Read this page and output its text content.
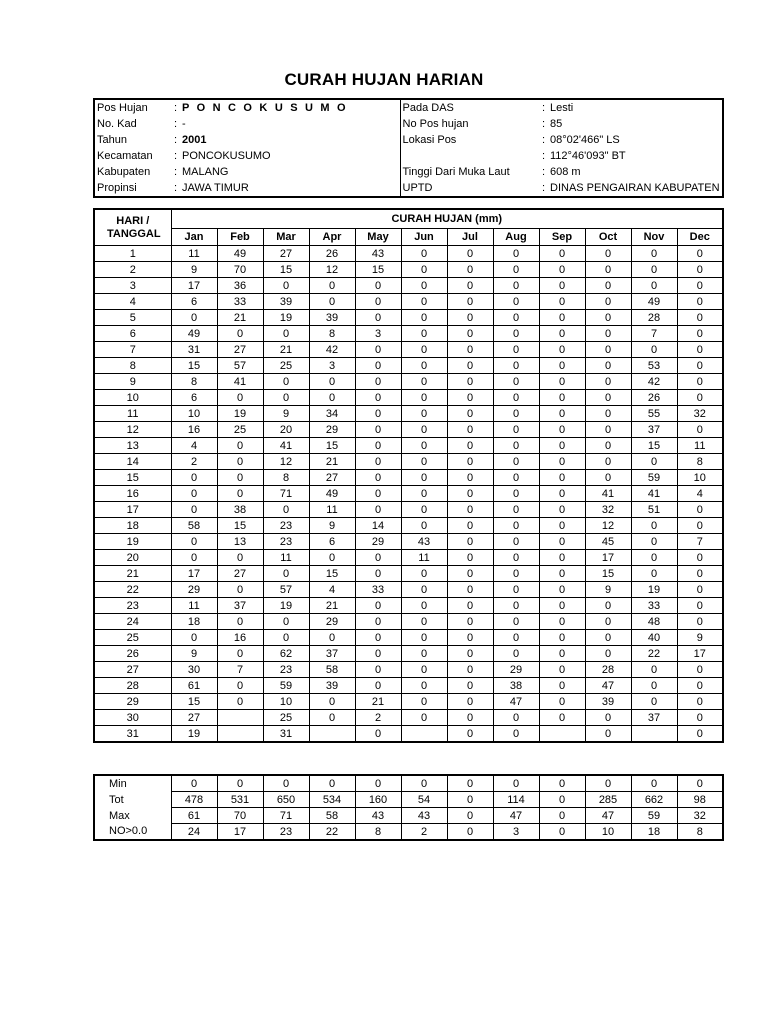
CURAH HUJAN HARIAN
Pos Hujan	:	P O N C O K U S U M O		Pada DAS	:	Lesti
No. Kad	:	-		No Pos hujan	:	85
Tahun	:	2001		Lokasi Pos	:	08°02'466" LS
Kecamatan	:	PONCOKUSUMO			:	112°46'093" BT
Kabupaten	:	MALANG		Tinggi Dari Muka Laut	:	608 m
Propinsi	:	JAWA TIMUR		UPTD	:	DINAS PENGAIRAN KABUPATEN
HARI / TANGGAL	CURAH HUJAN (mm)											
	Jan	Feb	Mar	Apr	May	Jun	Jul	Aug	Sep	Oct	Nov	Dec
1	11	49	27	26	43	0	0	0	0	0	0	0
2	9	70	15	12	15	0	0	0	0	0	0	0
3	17	36	0	0	0	0	0	0	0	0	0	0
4	6	33	39	0	0	0	0	0	0	0	49	0
5	0	21	19	39	0	0	0	0	0	0	28	0
6	49	0	0	8	3	0	0	0	0	0	7	0
7	31	27	21	42	0	0	0	0	0	0	0	0
8	15	57	25	3	0	0	0	0	0	0	53	0
9	8	41	0	0	0	0	0	0	0	0	42	0
10	6	0	0	0	0	0	0	0	0	0	26	0
11	10	19	9	34	0	0	0	0	0	0	55	32
12	16	25	20	29	0	0	0	0	0	0	37	0
13	4	0	41	15	0	0	0	0	0	0	15	11
14	2	0	12	21	0	0	0	0	0	0	0	8
15	0	0	8	27	0	0	0	0	0	0	59	10
16	0	0	71	49	0	0	0	0	0	41	41	4
17	0	38	0	11	0	0	0	0	0	32	51	0
18	58	15	23	9	14	0	0	0	0	12	0	0
19	0	13	23	6	29	43	0	0	0	45	0	7
20	0	0	11	0	0	11	0	0	0	17	0	0
21	17	27	0	15	0	0	0	0	0	15	0	0
22	29	0	57	4	33	0	0	0	0	9	19	0
23	11	37	19	21	0	0	0	0	0	0	33	0
24	18	0	0	29	0	0	0	0	0	0	48	0
25	0	16	0	0	0	0	0	0	0	0	40	9
26	9	0	62	37	0	0	0	0	0	0	22	17
27	30	7	23	58	0	0	0	29	0	28	0	0
28	61	0	59	39	0	0	0	38	0	47	0	0
29	15	0	10	0	21	0	0	47	0	39	0	0
30	27		25	0	2	0	0	0	0	0	37	0
31	19		31		0		0	0		0		0
Min	0	0	0	0	0	0	0	0	0	0	0	0
Tot	478	531	650	534	160	54	0	114	0	285	662	98
Max	61	70	71	58	43	43	0	47	0	47	59	32
NO>0.0	24	17	23	22	8	2	0	3	0	10	18	8
